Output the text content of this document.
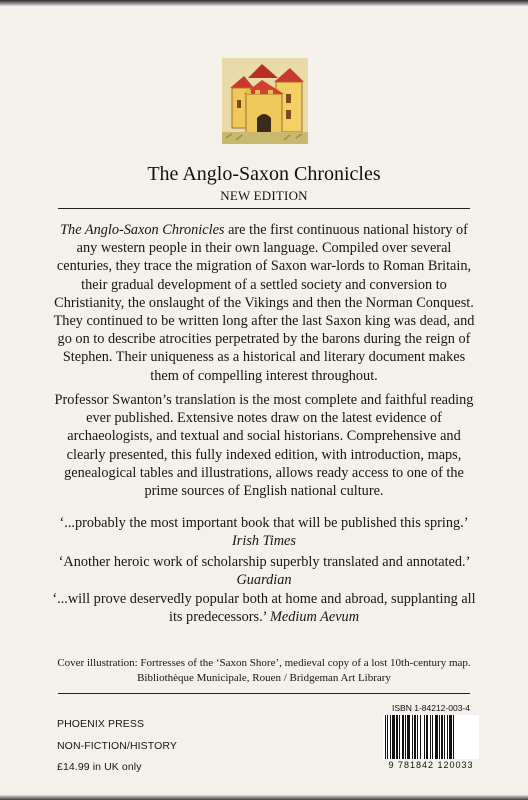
The Anglo-Saxon Chronicles
NEW EDITION

The Anglo-Saxon Chronicles are the first continuous national history of any western people in their own language. Compiled over several centuries, they trace the migration of Saxon war-lords to Roman Britain, their gradual development of a settled society and conversion to Christianity, the onslaught of the Vikings and then the Norman Conquest. They continued to be written long after the last Saxon king was dead, and go on to describe atrocities perpetrated by the barons during the reign of Stephen. Their uniqueness as a historical and literary document makes them of compelling interest throughout.

Professor Swanton’s translation is the most complete and faithful reading ever published. Extensive notes draw on the latest evidence of archaeologists, and textual and social historians. Comprehensive and clearly presented, this fully indexed edition, with introduction, maps, genealogical tables and illustrations, allows ready access to one of the prime sources of English national culture.

‘...probably the most important book that will be published this spring.’
Irish Times

‘Another heroic work of scholarship superbly translated and annotated.’ Guardian

‘...will prove deservedly popular both at home and abroad, supplanting all its predecessors.’ Medium Aevum

Cover illustration: Fortresses of the ‘Saxon Shore’, medieval copy of a lost 10th-century map. Bibliothèque Municipale, Rouen / Bridgeman Art Library

PHOENIX PRESS
NON-FICTION/HISTORY
£14.99 in UK only
ISBN 1-84212-003-4
9 781842 120033
